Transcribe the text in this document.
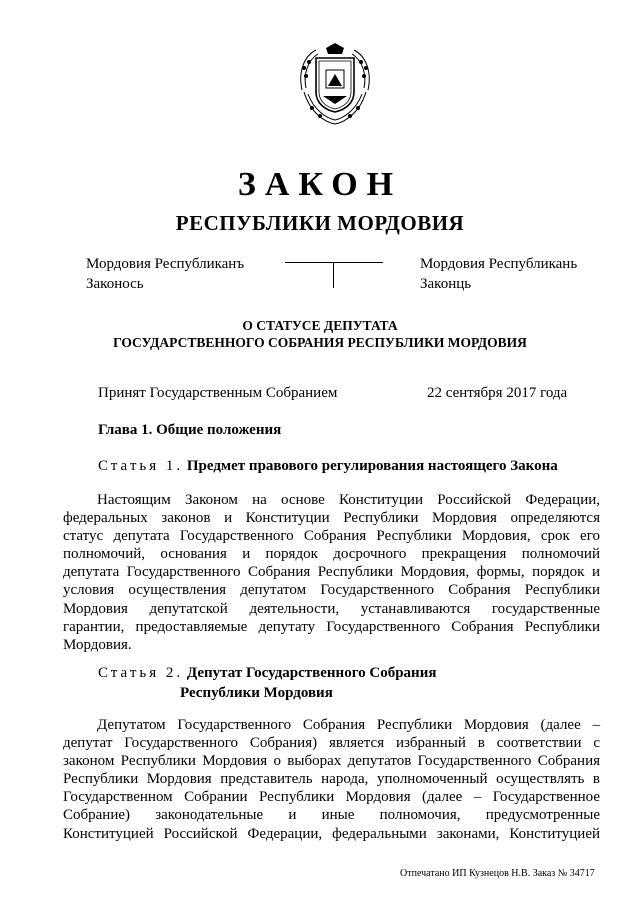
ЗАКОН
РЕСПУБЛИКИ МОРДОВИЯ
Мордовия Республиканъ
Законось
Мордовия Республикань
Законць
О СТАТУСЕ ДЕПУТАТА
ГОСУДАРСТВЕННОГО СОБРАНИЯ РЕСПУБЛИКИ МОРДОВИЯ
Принят Государственным Собранием	22 сентября 2017 года
Глава 1. Общие положения
Статья 1. Предмет правового регулирования настоящего Закона
Настоящим Законом на основе Конституции Российской Федерации,
федеральных законов и Конституции Республики Мордовия определяются
статус депутата Государственного Собрания Республики Мордовия, срок его
полномочий, основания и порядок досрочного прекращения полномочий
депутата Государственного Собрания Республики Мордовия, формы, порядок и
условия осуществления депутатом Государственного Собрания Республики
Мордовия депутатской деятельности, устанавливаются государственные
гарантии, предоставляемые депутату Государственного Собрания Республики
Мордовия.
Статья 2. Депутат Государственного Собрания
Республики Мордовия
Депутатом Государственного Собрания Республики Мордовия (далее –
депутат Государственного Собрания) является избранный в соответствии с
законом Республики Мордовия о выборах депутатов Государственного Собрания
Республики Мордовия представитель народа, уполномоченный осуществлять в
Государственном Собрании Республики Мордовия (далее – Государственное
Собрание) законодательные и иные полномочия, предусмотренные
Конституцией Российской Федерации, федеральными законами, Конституцией
Отпечатано ИП Кузнецов Н.В. Заказ № 34717
